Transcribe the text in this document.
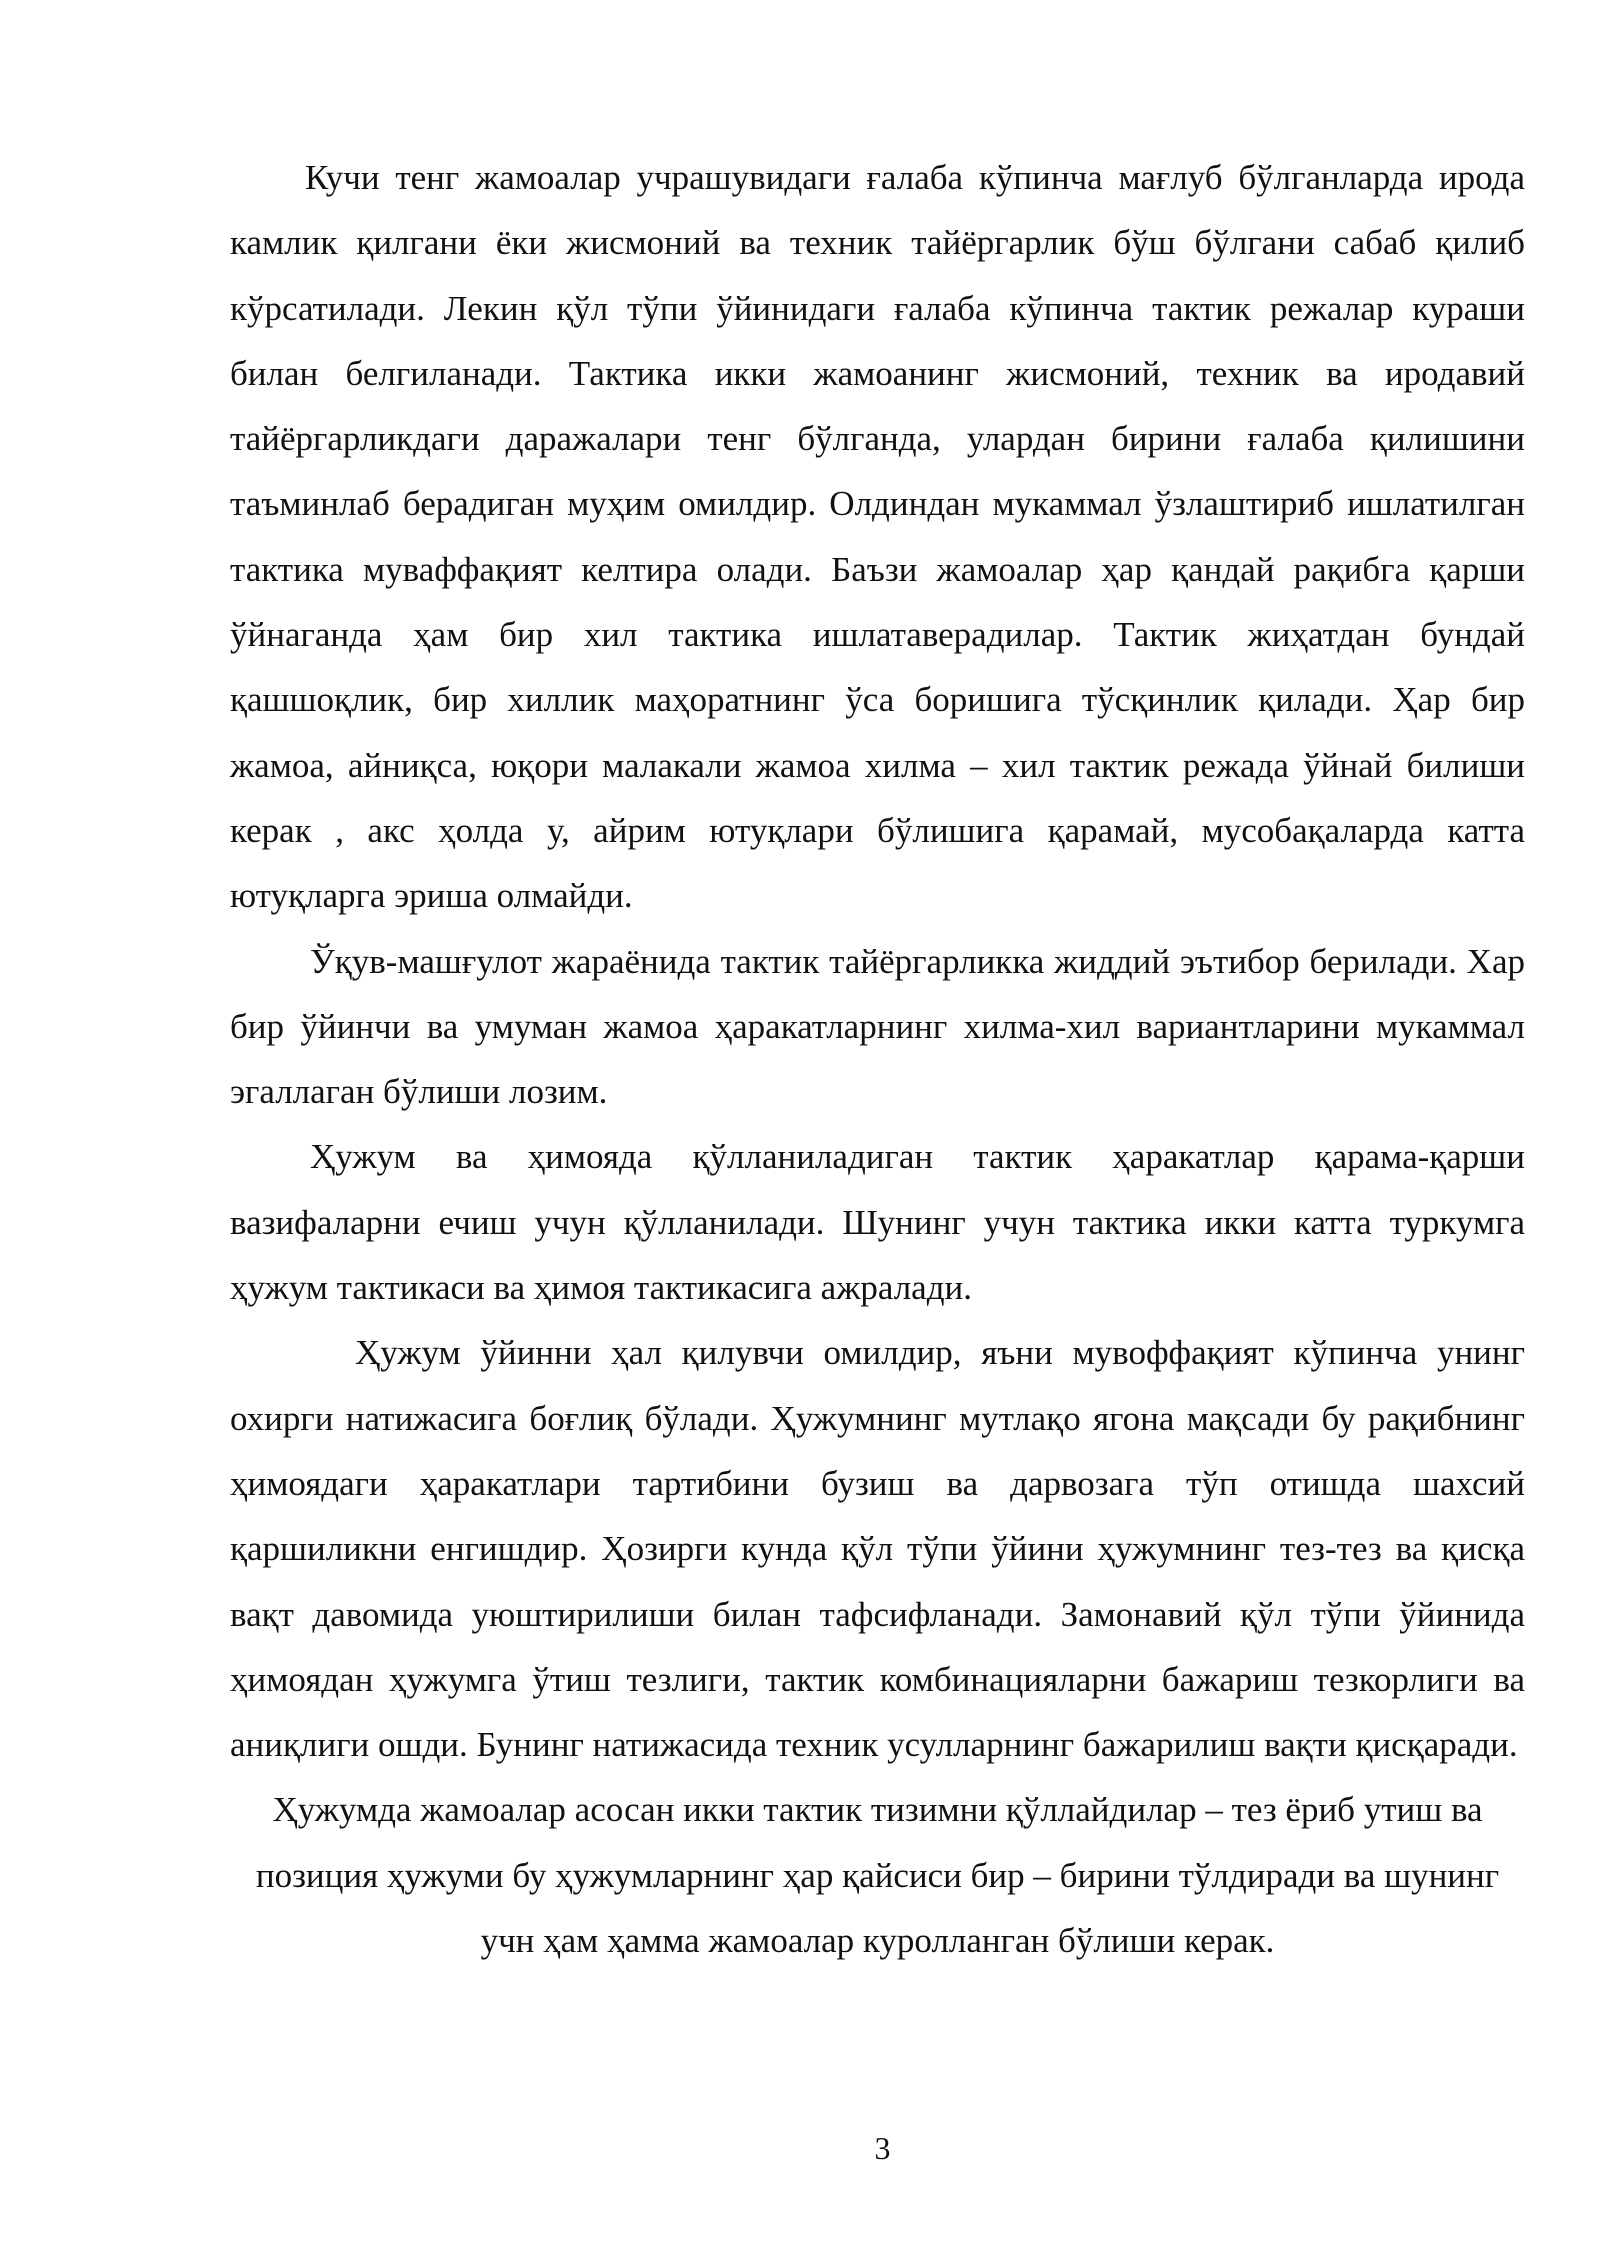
Кучи тенг жамоалар учрашувидаги ғалаба кўпинча мағлуб бўлганларда ирода камлик қилгани ёки жисмоний ва техник тайёргарлик бўш бўлгани сабаб қилиб кўрсатилади. Лекин қўл тўпи ўйинидаги ғалаба кўпинча тактик режалар кураши билан белгиланади. Тактика икки жамоанинг жисмоний, техник ва иродавий тайёргарликдаги даражалари тенг бўлганда, улардан бирини ғалаба қилишини таъминлаб берадиган муҳим омилдир. Олдиндан мукаммал ўзлаштириб ишлатилган тактика муваффақият келтира олади. Баъзи жамоалар ҳар қандай рақибга қарши ўйнаганда ҳам бир хил тактика ишлатаверадилар. Тактик жиҳатдан бундай қашшоқлик, бир хиллик маҳоратнинг ўса боришига тўсқинлик қилади. Ҳар бир жамоа, айниқса, юқори малакали жамоа хилма – хил тактик режада ўйнай билиши керак , акс ҳолда у, айрим ютуқлари бўлишига қарамай, мусобақаларда катта ютуқларга эриша олмайди.

Ўқув-машғулот жараёнида тактик тайёргарликка жиддий эътибор берилади. Хар бир ўйинчи ва умуман жамоа ҳаракатларнинг хилма-хил вариантларини мукаммал эгаллаган бўлиши лозим.

Ҳужум ва ҳимояда қўлланиладиган тактик ҳаракатлар қарама-қарши вазифаларни ечиш учун қўлланилади. Шунинг учун тактика икки катта туркумга ҳужум тактикаси ва ҳимоя тактикасига ажралади.

Ҳужум ўйинни ҳал қилувчи омилдир, яъни мувоффақият кўпинча унинг охирги натижасига боғлиқ бўлади. Ҳужумнинг мутлақо ягона мақсади бу рақибнинг ҳимоядаги ҳаракатлари тартибини бузиш ва дарвозага тўп отишда шахсий қаршиликни енгишдир. Ҳозирги кунда қўл тўпи ўйини ҳужумнинг тез-тез ва қисқа вақт давомида уюштирилиши билан тафсифланади. Замонавий қўл тўпи ўйинида ҳимоядан ҳужумга ўтиш тезлиги, тактик комбинацияларни бажариш тезкорлиги ва аниқлиги ошди. Бунинг натижасида техник усулларнинг бажарилиш вақти қисқаради.

Ҳужумда жамоалар асосан икки тактик тизимни қўллайдилар – тез ёриб утиш ва позиция ҳужуми бу ҳужумларнинг ҳар қайсиси бир – бирини тўлдиради ва шунинг учн ҳам ҳамма жамоалар куролланган бўлиши керак.

3
